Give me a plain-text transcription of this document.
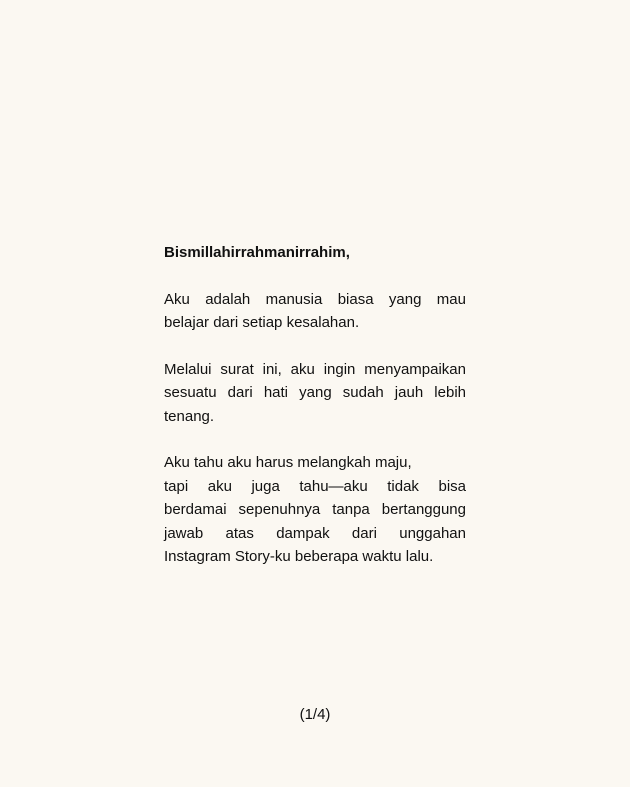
Bismillahirrahmanirrahim,
Aku adalah manusia biasa yang mau
belajar dari setiap kesalahan.
Melalui surat ini, aku ingin menyampaikan
sesuatu dari hati yang sudah jauh lebih
tenang.
Aku tahu aku harus melangkah maju,
tapi aku juga tahu—aku tidak bisa
berdamai sepenuhnya tanpa bertanggung
jawab atas dampak dari unggahan
Instagram Story-ku beberapa waktu lalu.
(1/4)
